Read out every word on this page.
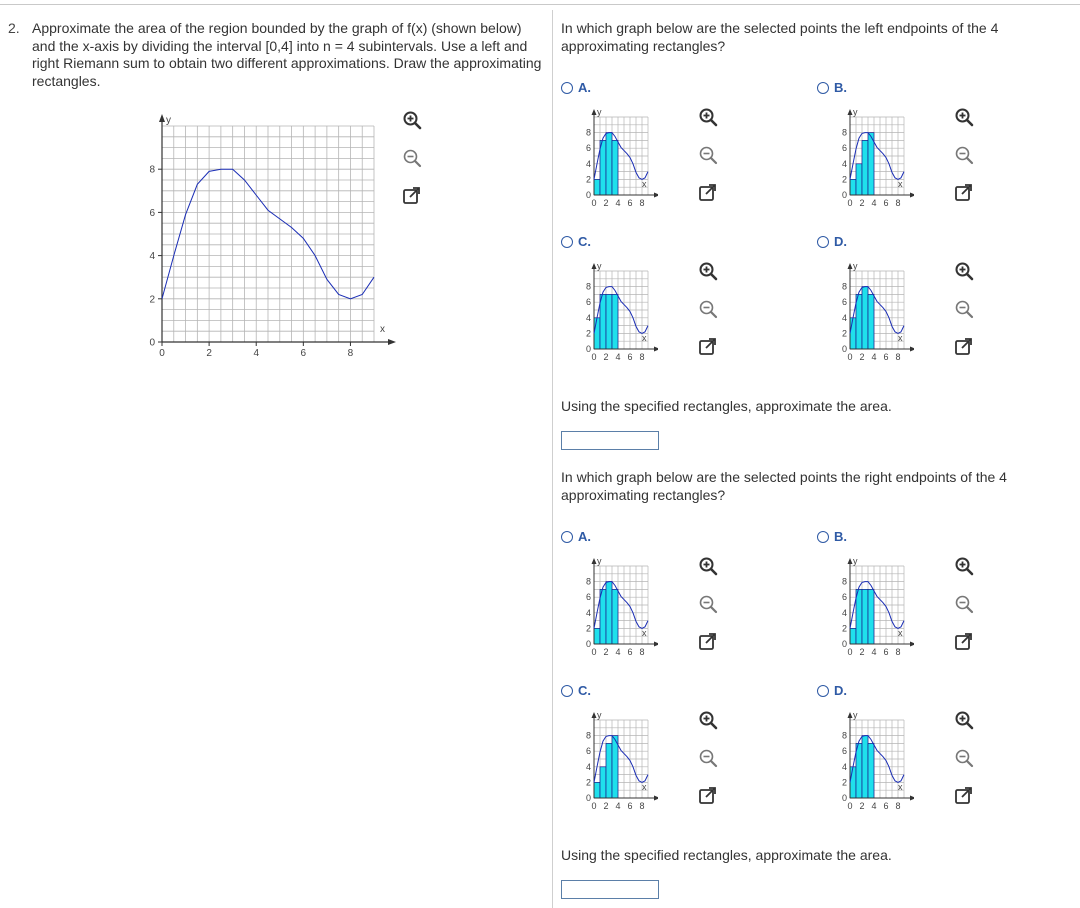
2. Approximate the area of the region bounded by the graph of f(x) (shown below) and the x-axis by dividing the interval [0,4] into n = 4 subintervals. Use a left and right Riemann sum to obtain two different approximations. Draw the approximating rectangles.
0	2	4	6	8
0
2
4
6
8
x
y
In which graph below are the selected points the left endpoints of the 4 approximating rectangles?
A.	B.
C.	D.
Using the specified rectangles, approximate the area.
In which graph below are the selected points the right endpoints of the 4 approximating rectangles?
A.	B.
C.	D.
Using the specified rectangles, approximate the area.
0 2 4 6 8
0
2
4
6
8
x
y
0 2 4 6 8
0
2
4
6
8
x
y
0 2 4 6 8
0
2
4
6
8
x
y
0 2 4 6 8
0
2
4
6
8
x
y
0 2 4 6 8
0
2
4
6
8
x
y
0 2 4 6 8
0
2
4
6
8
x
y
0 2 4 6 8
0
2
4
6
8
x
y
0 2 4 6 8
0
2
4
6
8
x
y
